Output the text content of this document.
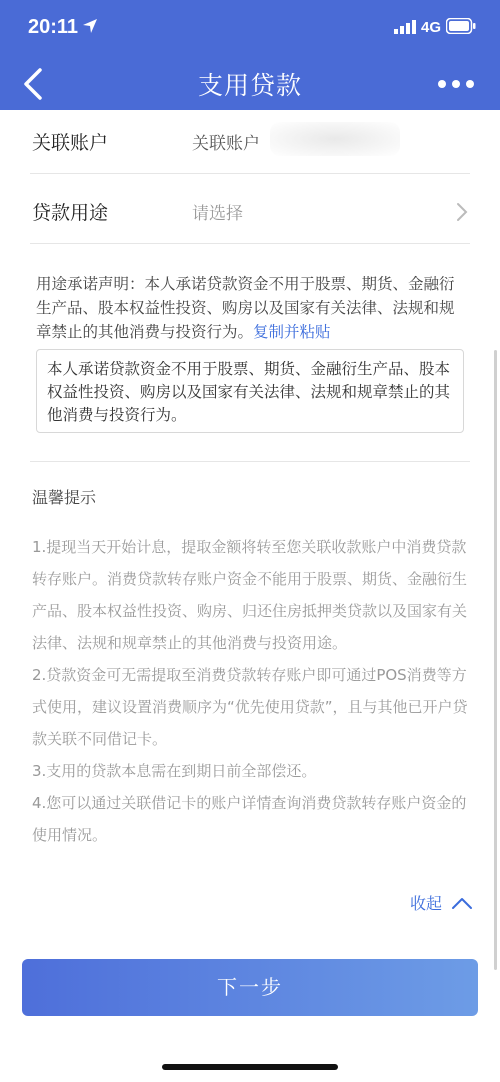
20:11	4G
支用贷款
关联账户	关联账户
贷款用途	请选择
用途承诺声明：本人承诺贷款资金不用于股票、期货、金融衍生产品、股本权益性投资、购房以及国家有关法律、法规和规章禁止的其他消费与投资行为。复制并粘贴
本人承诺贷款资金不用于股票、期货、金融衍生产品、股本权益性投资、购房以及国家有关法律、法规和规章禁止的其他消费与投资行为。
温馨提示

1.提现当天开始计息，提取金额将转至您关联收款账户中消费贷款转存账户。消费贷款转存账户资金不能用于股票、期货、金融衍生产品、股本权益性投资、购房、归还住房抵押类贷款以及国家有关法律、法规和规章禁止的其他消费与投资用途。

2.贷款资金可无需提取至消费贷款转存账户即可通过POS消费等方式使用，建议设置消费顺序为“优先使用贷款”，且与其他已开户贷款关联不同借记卡。

3.支用的贷款本息需在到期日前全部偿还。

4.您可以通过关联借记卡的账户详情查询消费贷款转存账户资金的使用情况。

收起
下一步
